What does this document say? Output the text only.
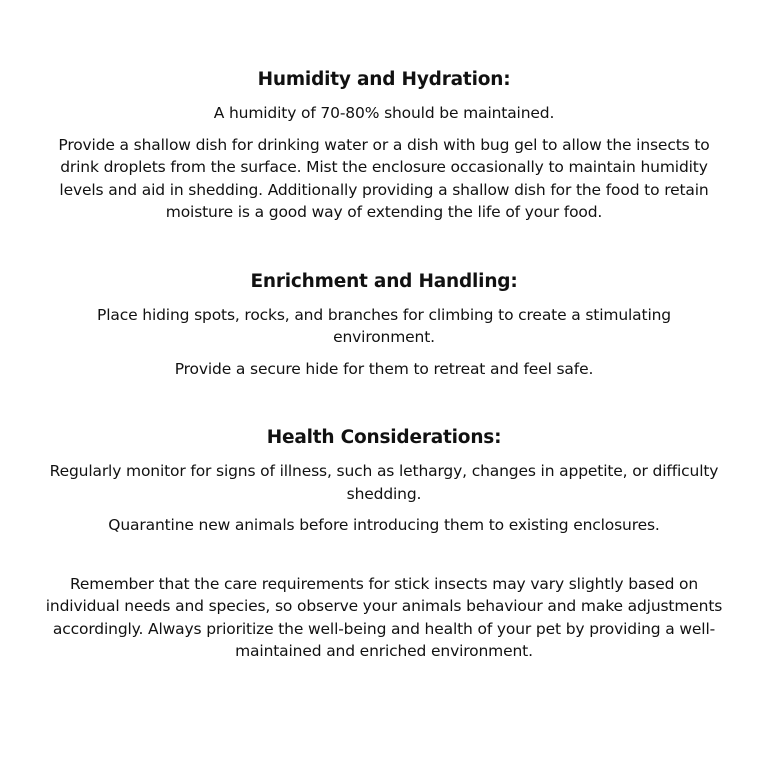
Humidity and Hydration:

A humidity of 70-80% should be maintained.

Provide a shallow dish for drinking water or a dish with bug gel to allow the insects to drink droplets from the surface. Mist the enclosure occasionally to maintain humidity levels and aid in shedding. Additionally providing a shallow dish for the food to retain moisture is a good way of extending the life of your food.

Enrichment and Handling:

Place hiding spots, rocks, and branches for climbing to create a stimulating environment.

Provide a secure hide for them to retreat and feel safe.

Health Considerations:

Regularly monitor for signs of illness, such as lethargy, changes in appetite, or difficulty shedding.

Quarantine new animals before introducing them to existing enclosures.

Remember that the care requirements for stick insects may vary slightly based on individual needs and species, so observe your animals behaviour and make adjustments accordingly. Always prioritize the well-being and health of your pet by providing a well-maintained and enriched environment.
